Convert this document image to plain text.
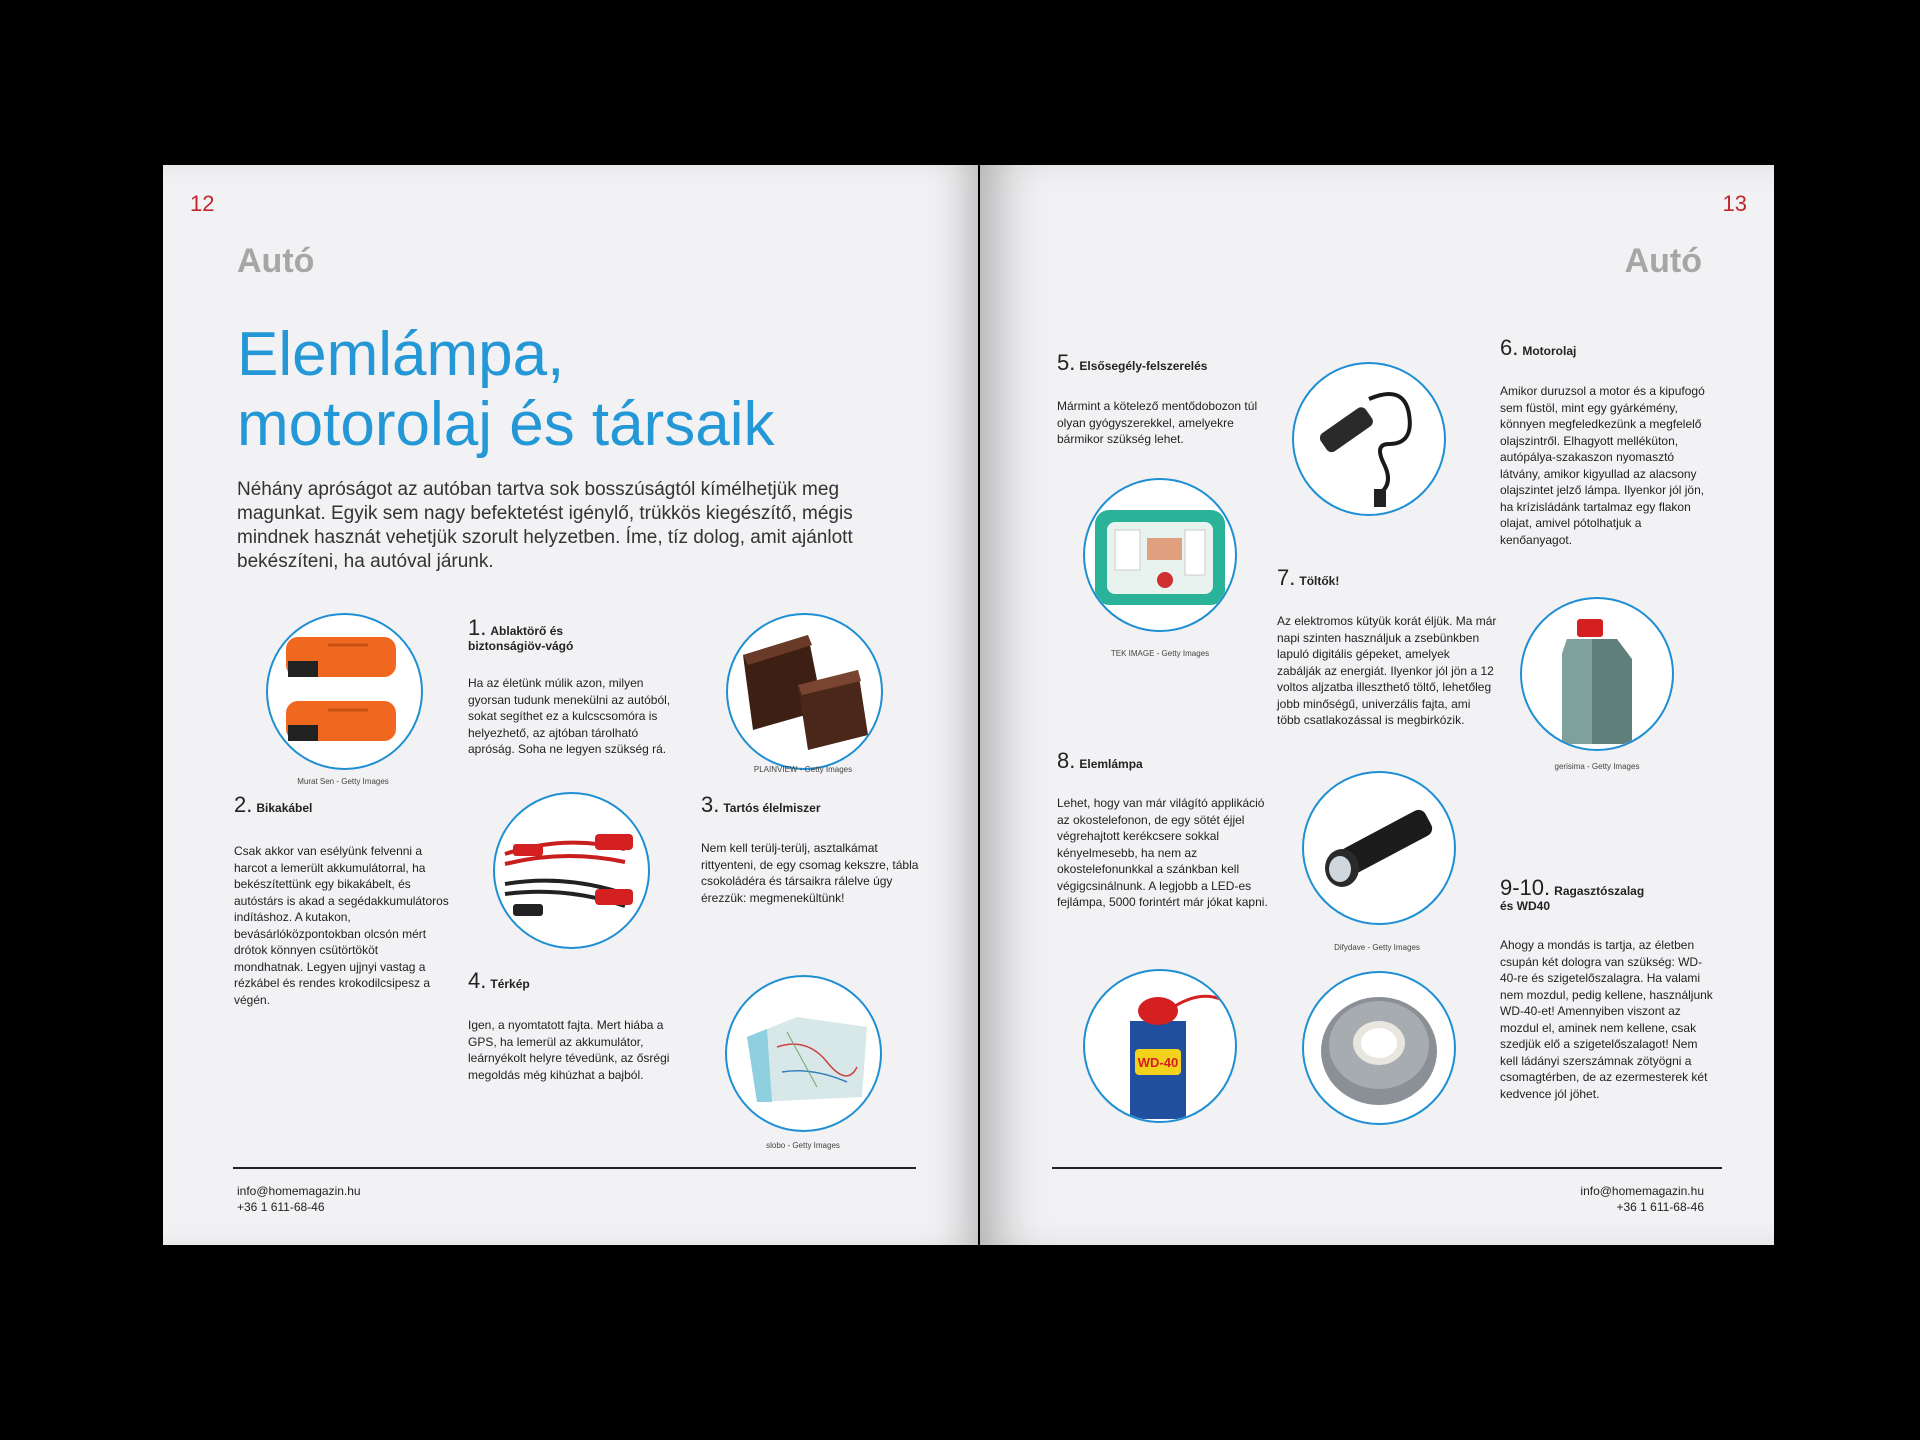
12
Autó
Elemlámpa,
motorolaj és társaik
Néhány apróságot az autóban tartva sok bosszúságtól kímélhetjük meg magunkat. Egyik sem nagy befektetést igénylő, trükkös kiegészítő, mégis mindnek hasznát vehetjük szorult helyzetben. Íme, tíz dolog, amit ajánlott bekészíteni, ha autóval járunk.
Murat Sen - Getty Images
1. Ablaktörő és
biztonságiöv-vágó
Ha az életünk múlik azon, milyen gyorsan tudunk menekülni az autóból, sokat segíthet ez a kulcscsomóra is helyezhető, az ajtóban tárolható apróság. Soha ne legyen szükség rá.
PLAINVIEW - Getty Images
2. Bikakábel
Csak akkor van esélyünk felvenni a harcot a lemerült akkumulátorral, ha bekészítettünk egy bikakábelt, és autóstárs is akad a segédakkumulátoros indításhoz. A kutakon, bevásárlóközpontokban olcsón mért drótok könnyen csütörtököt mondhatnak. Legyen ujjnyi vastag a rézkábel és rendes krokodilcsipesz a végén.
3. Tartós élelmiszer
Nem kell terülj-terülj, asztalkámat rittyenteni, de egy csomag kekszre, tábla csokoládéra és társaikra rálelve úgy érezzük: megmenekültünk!
4. Térkép
Igen, a nyomtatott fajta. Mert hiába a GPS, ha lemerül az akkumulátor, leárnyékolt helyre tévedünk, az ősrégi megoldás még kihúzhat a bajból.
slobo - Getty Images
info@homemagazin.hu
+36 1 611-68-46
13
Autó
5. Elsősegély-felszerelés
Mármint a kötelező mentődobozon túl olyan gyógyszerekkel, amelyekre bármikor szükség lehet.
6. Motorolaj
Amikor duruzsol a motor és a kipufogó sem füstöl, mint egy gyárkémény, könnyen megfeledkezünk a megfelelő olajszintről. Elhagyott melléküton, autópálya-szakaszon nyomasztó látvány, amikor kigyullad az alacsony olajszintet jelző lámpa. Ilyenkor jól jön, ha krízisládánk tartalmaz egy flakon olajat, amivel pótolhatjuk a kenőanyagot.
TEK IMAGE - Getty Images
7. Töltők!
Az elektromos kütyük korát éljük. Ma már napi szinten használjuk a zsebünkben lapuló digitális gépeket, amelyek zabálják az energiát. Ilyenkor jól jön a 12 voltos aljzatba illeszthető töltő, lehetőleg jobb minőségű, univerzális fajta, ami több csatlakozással is megbirkózik.
gerisima - Getty Images
8. Elemlámpa
Lehet, hogy van már világító applikáció az okostelefonon, de egy sötét éjjel végrehajtott kerékcsere sokkal kényelmesebb, ha nem az okostelefonunkkal a szánkban kell végigcsinálnunk. A legjobb a LED-es fejlámpa, 5000 forintért már jókat kapni.
Difydave - Getty Images
9-10. Ragasztószalag
és WD40
Ahogy a mondás is tartja, az életben csupán két dologra van szükség: WD-40-re és szigetelőszalagra. Ha valami nem mozdul, pedig kellene, használjunk WD-40-et! Amennyiben viszont az mozdul el, aminek nem kellene, csak szedjük elő a szigetelőszalagot! Nem kell ládányi szerszámnak zötyögni a csomagtérben, de az ezermesterek két kedvence jól jöhet.
WD-40
info@homemagazin.hu
+36 1 611-68-46
